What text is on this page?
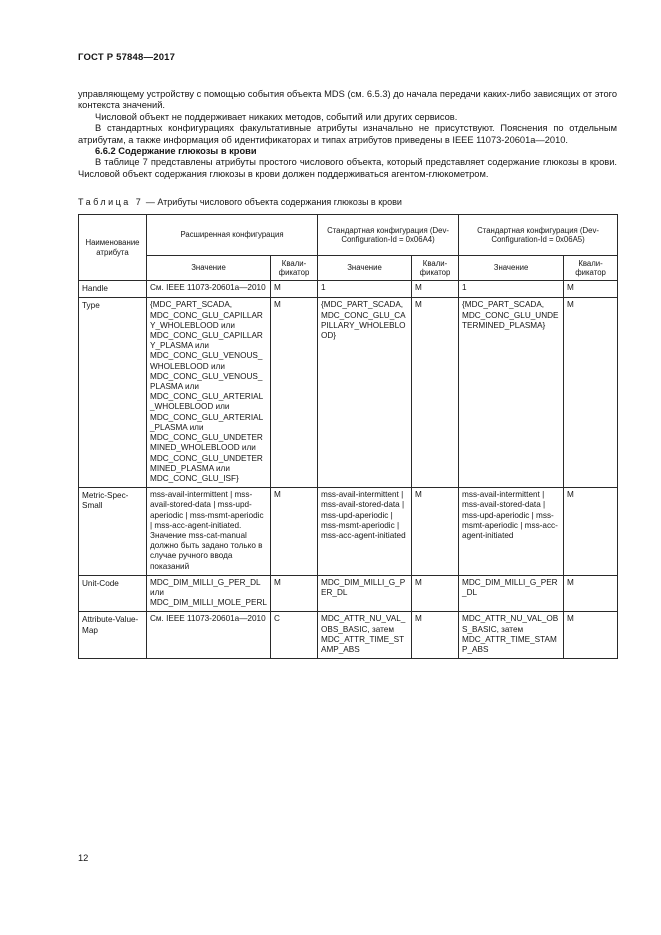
ГОСТ Р 57848—2017

управляющему устройству с помощью события объекта MDS (см. 6.5.3) до начала передачи каких-либо зависящих от этого контекста значений.

Числовой объект не поддерживает никаких методов, событий или других сервисов.

В стандартных конфигурациях факультативные атрибуты изначально не присутствуют. Пояснения по отдельным атрибутам, а также информация об идентификаторах и типах атрибутов приведены в IEEE 11073-20601а—2010.

6.6.2 Содержание глюкозы в крови

В таблице 7 представлены атрибуты простого числового объекта, который представляет содержание глюкозы в крови. Числовой объект содержания глюкозы в крови должен поддерживаться агентом-глюкометром.

Таблица 7 — Атрибуты числового объекта содержания глюкозы в крови
Наименование атрибута	Расширенная конфигурация		Стандартная конфигурация (Dev-Configuration-Id = 0x06A4)		Стандартная конфигурация (Dev-Configuration-Id = 0x06A5)	
	Значение	Квали-фикатор	Значение	Квали-фикатор	Значение	Квали-фикатор
Handle	См. IEEE 11073-20601а—2010	M	1	M	1	M
Type	{MDC_PART_SCADA, MDC_CONC_GLU_CAPILLARY_WHOLEBLOOD или MDC_CONC_GLU_CAPILLARY_PLASMA или MDC_CONC_GLU_VENOUS_WHOLEBLOOD или MDC_CONC_GLU_VENOUS_PLASMA или MDC_CONC_GLU_ARTERIAL_WHOLEBLOOD или MDC_CONC_GLU_ARTERIAL_PLASMA или MDC_CONC_GLU_UNDETERMINED_WHOLEBLOOD или MDC_CONC_GLU_UNDETERMINED_PLASMA или MDC_CONC_GLU_ISF}	M	{MDC_PART_SCADA, MDC_CONC_GLU_CAPILLARY_WHOLEBLOOD}	M	{MDC_PART_SCADA, MDC_CONC_GLU_UNDETERMINED_PLASMA}	M
Metric-Spec-Small	mss-avail-intermittent | mss-avail-stored-data | mss-upd-aperiodic | mss-msmt-aperiodic | mss-acc-agent-initiated. Значение mss-cat-manual должно быть задано только в случае ручного ввода показаний	M	mss-avail-intermittent | mss-avail-stored-data | mss-upd-aperiodic | mss-msmt-aperiodic | mss-acc-agent-initiated	M	mss-avail-intermittent | mss-avail-stored-data | mss-upd-aperiodic | mss-msmt-aperiodic | mss-acc-agent-initiated	M
Unit-Code	MDC_DIM_MILLI_G_PER_DL или MDC_DIM_MILLI_MOLE_PERL	M	MDC_DIM_MILLI_G_PER_DL	M	MDC_DIM_MILLI_G_PER_DL	M
Attribute-Value-Map	См. IEEE 11073-20601а—2010	C	MDC_ATTR_NU_VAL_OBS_BASIC, затем MDC_ATTR_TIME_STAMP_ABS	M	MDC_ATTR_NU_VAL_OBS_BASIC, затем MDC_ATTR_TIME_STAMP_ABS	M
12
